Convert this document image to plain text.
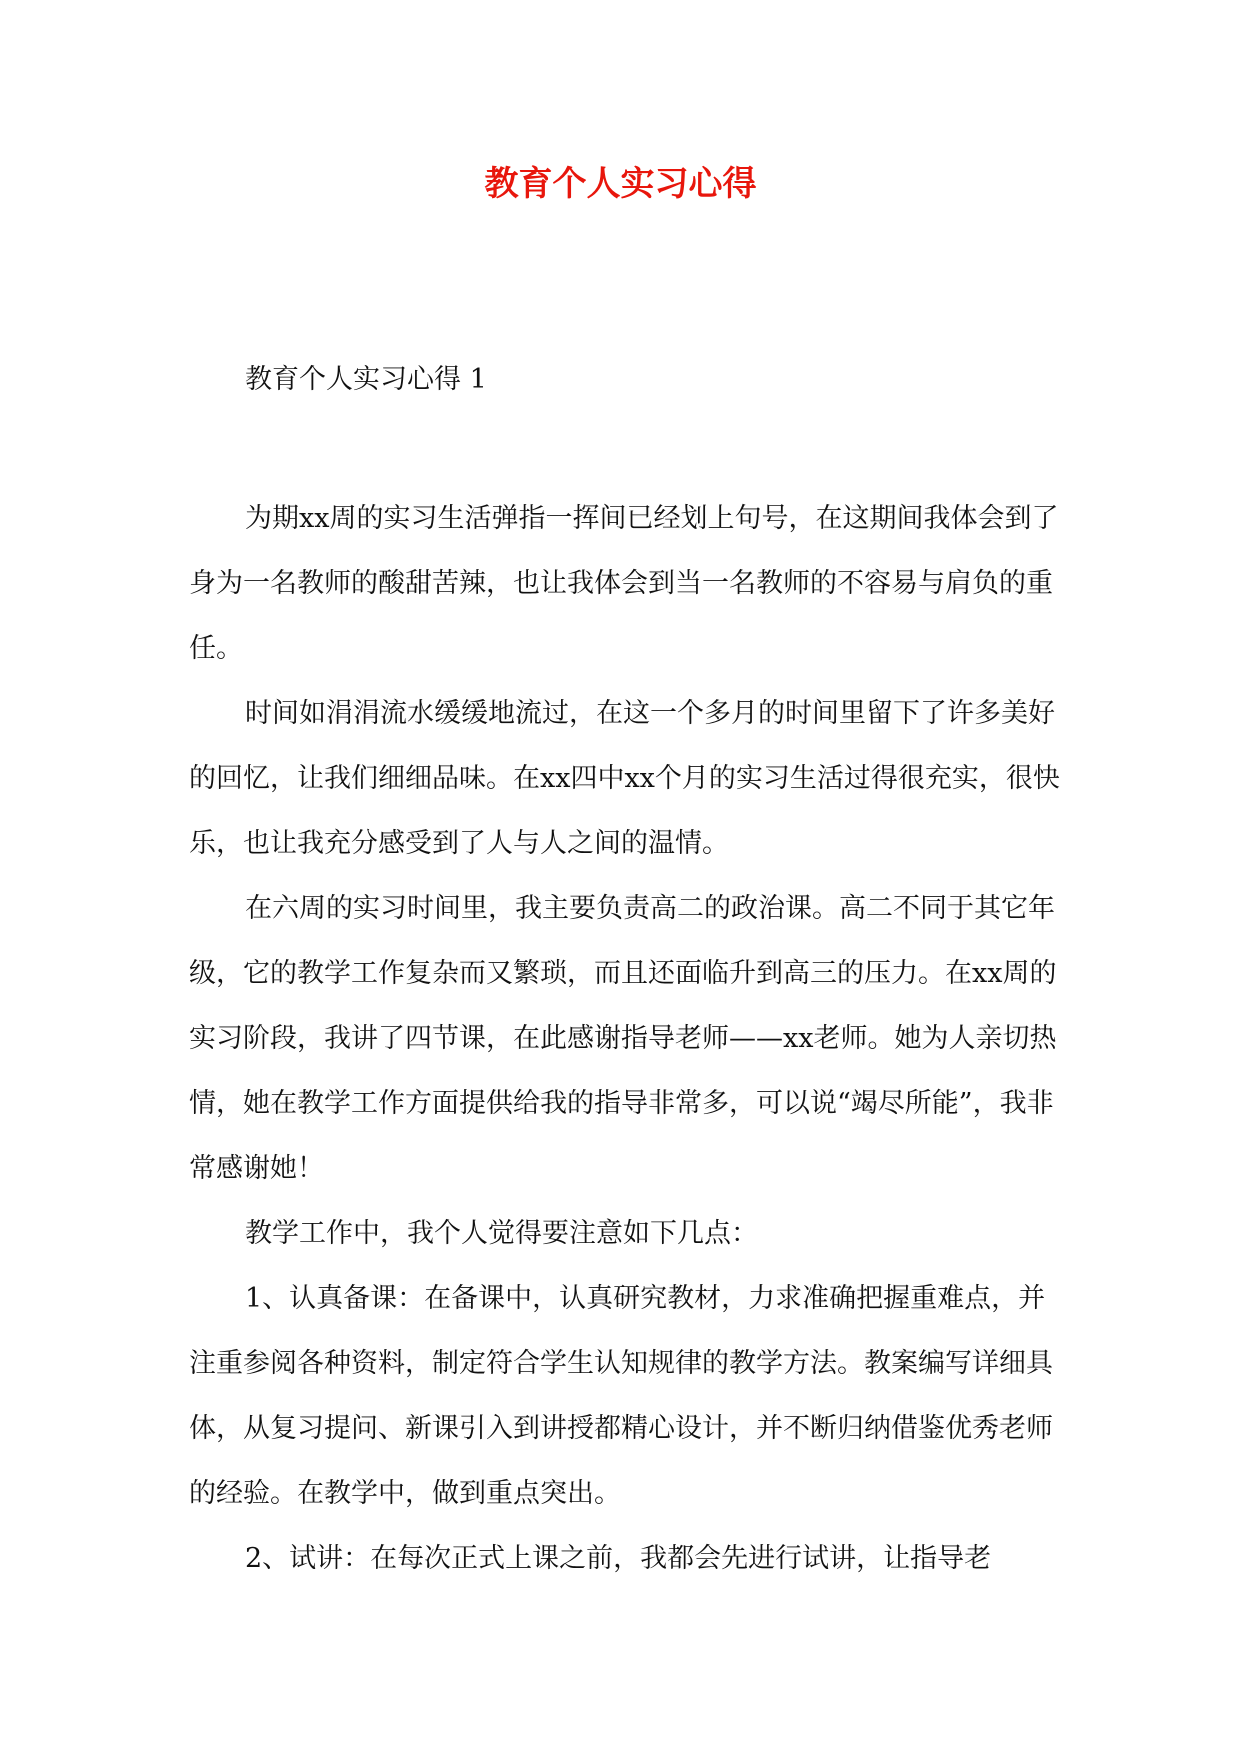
教育个人实习心得
教育个人实习心得 1

为期xx周的实习生活弹指一挥间已经划上句号，在这期间我体会到了身为一名教师的酸甜苦辣，也让我体会到当一名教师的不容易与肩负的重任。

时间如涓涓流水缓缓地流过，在这一个多月的时间里留下了许多美好的回忆，让我们细细品味。在xx四中xx个月的实习生活过得很充实，很快乐，也让我充分感受到了人与人之间的温情。

在六周的实习时间里，我主要负责高二的政治课。高二不同于其它年级，它的教学工作复杂而又繁琐，而且还面临升到高三的压力。在xx周的实习阶段，我讲了四节课，在此感谢指导老师——xx老师。她为人亲切热情，她在教学工作方面提供给我的指导非常多，可以说“竭尽所能”，我非常感谢她！

教学工作中，我个人觉得要注意如下几点：

1、认真备课：在备课中，认真研究教材，力求准确把握重难点，并注重参阅各种资料，制定符合学生认知规律的教学方法。教案编写详细具体，从复习提问、新课引入到讲授都精心设计，并不断归纳借鉴优秀老师的经验。在教学中，做到重点突出。

2、试讲：在每次正式上课之前，我都会先进行试讲，让指导老
